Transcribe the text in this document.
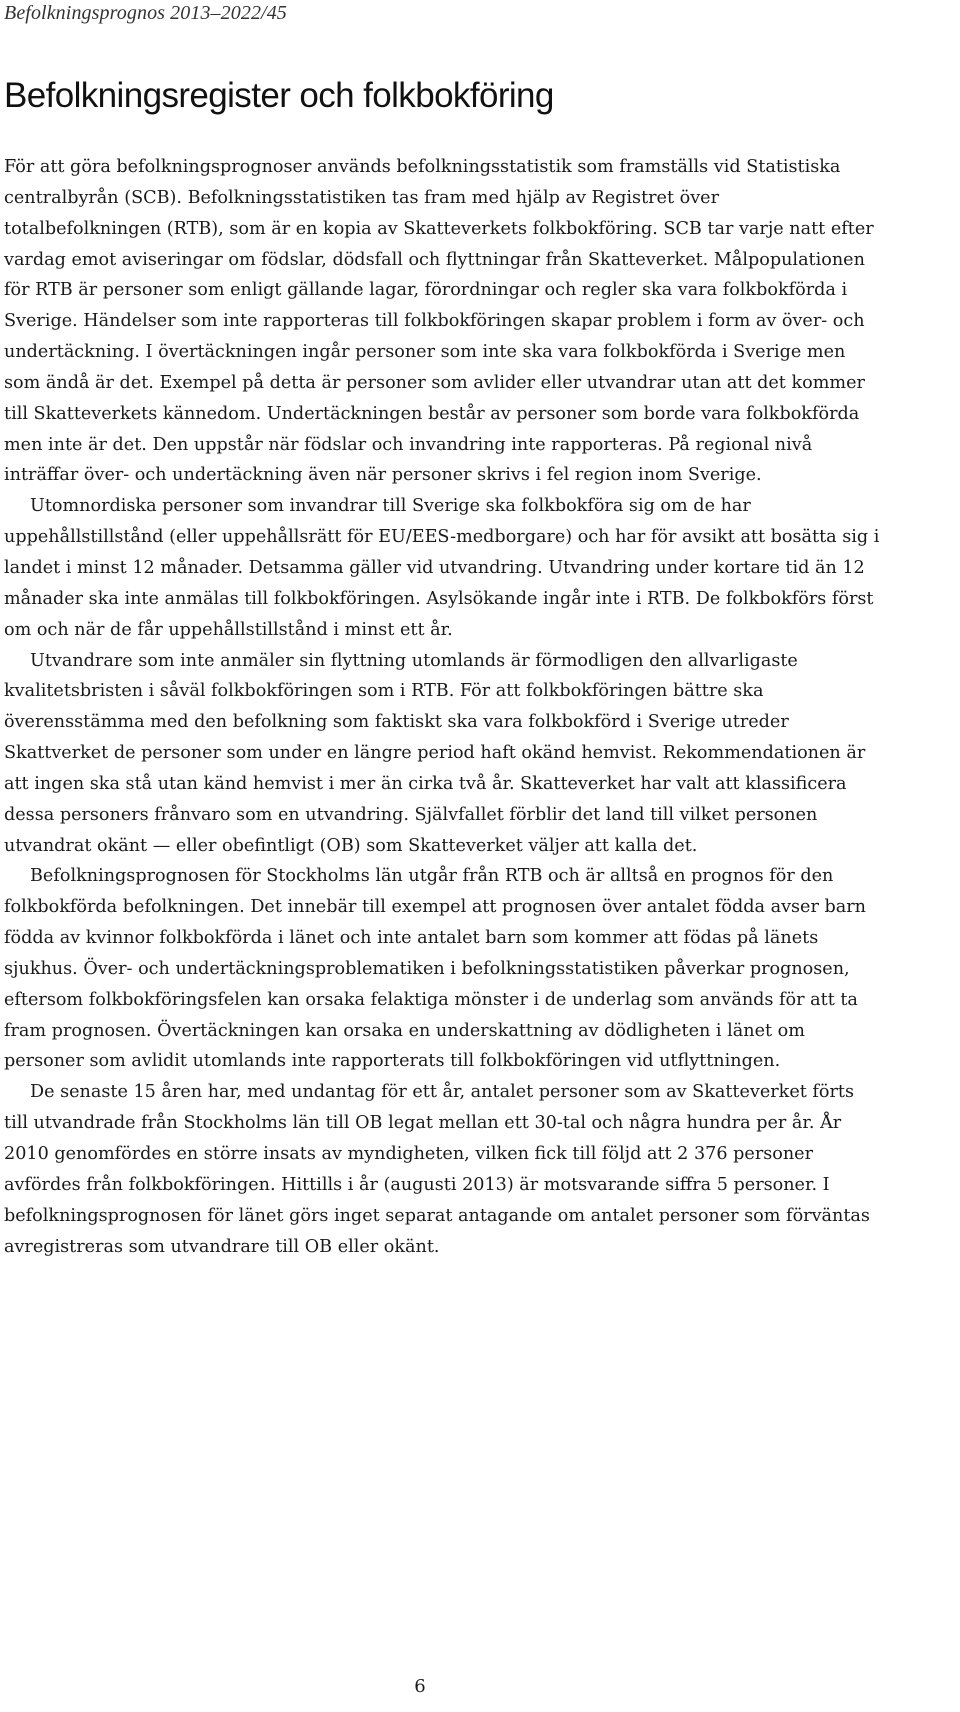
Befolkningsprognos 2013–2022/45
Befolkningsregister och folkbokföring

För att göra befolkningsprognoser används befolkningsstatistik som framställs vid Statistiska centralbyrån (SCB). Befolkningsstatistiken tas fram med hjälp av Registret över totalbefolkningen (RTB), som är en kopia av Skatteverkets folkbokföring. SCB tar varje natt efter vardag emot aviseringar om födslar, dödsfall och flyttningar från Skatteverket. Målpopulationen för RTB är personer som enligt gällande lagar, förordningar och regler ska vara folkbokförda i Sverige. Händelser som inte rapporteras till folkbokföringen skapar problem i form av över- och undertäckning. I övertäckningen ingår personer som inte ska vara folkbokförda i Sverige men som ändå är det. Exempel på detta är personer som avlider eller utvandrar utan att det kommer till Skatteverkets kännedom. Undertäckningen består av personer som borde vara folkbokförda men inte är det. Den uppstår när födslar och invandring inte rapporteras. På regional nivå inträffar över- och undertäckning även när personer skrivs i fel region inom Sverige.

Utomnordiska personer som invandrar till Sverige ska folkbokföra sig om de har uppehållstillstånd (eller uppehållsrätt för EU/EES-medborgare) och har för avsikt att bosätta sig i landet i minst 12 månader. Detsamma gäller vid utvandring. Utvandring under kortare tid än 12 månader ska inte anmälas till folkbokföringen. Asylsökande ingår inte i RTB. De folkbokförs först om och när de får uppehållstillstånd i minst ett år.

Utvandrare som inte anmäler sin flyttning utomlands är förmodligen den allvarligaste kvalitetsbristen i såväl folkbokföringen som i RTB. För att folkbokföringen bättre ska överensstämma med den befolkning som faktiskt ska vara folkbokförd i Sverige utreder Skattverket de personer som under en längre period haft okänd hemvist. Rekommendationen är att ingen ska stå utan känd hemvist i mer än cirka två år. Skatteverket har valt att klassificera dessa personers frånvaro som en utvandring. Självfallet förblir det land till vilket personen utvandrat okänt — eller obefintligt (OB) som Skatteverket väljer att kalla det.

Befolkningsprognosen för Stockholms län utgår från RTB och är alltså en prognos för den folkbokförda befolkningen. Det innebär till exempel att prognosen över antalet födda avser barn födda av kvinnor folkbokförda i länet och inte antalet barn som kommer att födas på länets sjukhus. Över- och undertäckningsproblematiken i befolkningsstatistiken påverkar prognosen, eftersom folkbokföringsfelen kan orsaka felaktiga mönster i de underlag som används för att ta fram prognosen. Övertäckningen kan orsaka en underskattning av dödligheten i länet om personer som avlidit utomlands inte rapporterats till folkbokföringen vid utflyttningen.

De senaste 15 åren har, med undantag för ett år, antalet personer som av Skatteverket förts till utvandrade från Stockholms län till OB legat mellan ett 30-tal och några hundra per år. År 2010 genomfördes en större insats av myndigheten, vilken fick till följd att 2 376 personer avfördes från folkbokföringen. Hittills i år (augusti 2013) är motsvarande siffra 5 personer. I befolkningsprognosen för länet görs inget separat antagande om antalet personer som förväntas avregistreras som utvandrare till OB eller okänt.

6
